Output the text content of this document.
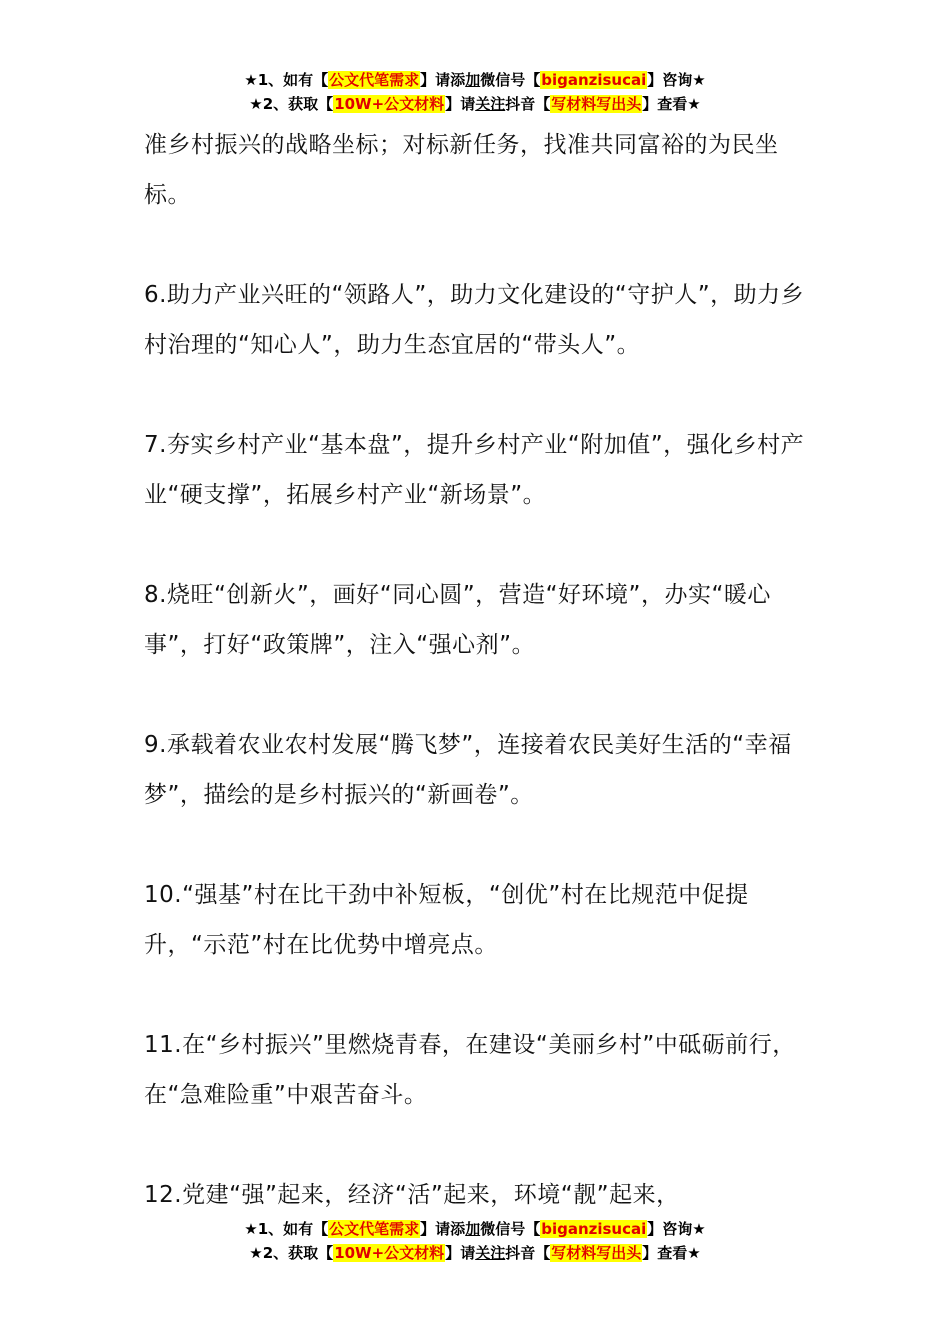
★1、如有【公文代笔需求】请添加微信号【biganzisucai】咨询★
★2、获取【10W+公文材料】请关注抖音【写材料写出头】查看★

准乡村振兴的战略坐标；对标新任务，找准共同富裕的为民坐标。

6.助力产业兴旺的“领路人”，助力文化建设的“守护人”，助力乡村治理的“知心人”，助力生态宜居的“带头人”。

7.夯实乡村产业“基本盘”，提升乡村产业“附加值”，强化乡村产业“硬支撑”，拓展乡村产业“新场景”。

8.烧旺“创新火”，画好“同心圆”，营造“好环境”，办实“暖心事”，打好“政策牌”，注入“强心剂”。

9.承载着农业农村发展“腾飞梦”，连接着农民美好生活的“幸福梦”，描绘的是乡村振兴的“新画卷”。

10.“强基”村在比干劲中补短板，“创优”村在比规范中促提升，“示范”村在比优势中增亮点。

11.在“乡村振兴”里燃烧青春，在建设“美丽乡村”中砥砺前行，在“急难险重”中艰苦奋斗。

12.党建“强”起来，经济“活”起来，环境“靓”起来，

★1、如有【公文代笔需求】请添加微信号【biganzisucai】咨询★
★2、获取【10W+公文材料】请关注抖音【写材料写出头】查看★
